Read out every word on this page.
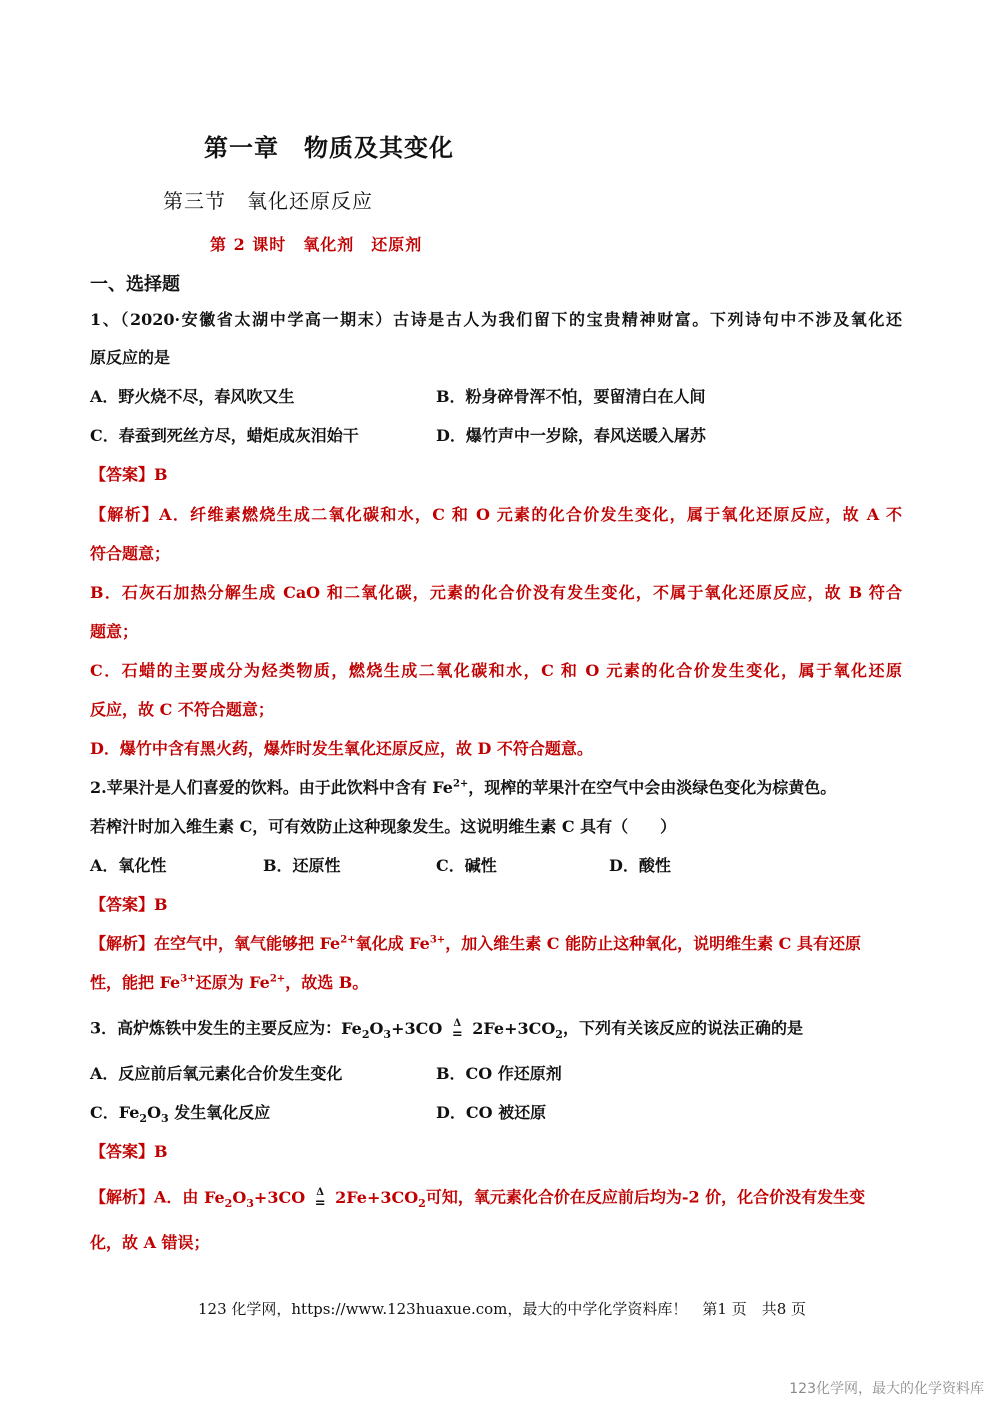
第一章　物质及其变化
第三节　氧化还原反应
第 2 课时　氧化剂　还原剂
一、选择题
1、（2020·安徽省太湖中学高一期末）古诗是古人为我们留下的宝贵精神财富。下列诗句中不涉及氧化还
原反应的是
A．野火烧不尽，春风吹又生	B．粉身碎骨浑不怕，要留清白在人间
C．春蚕到死丝方尽，蜡炬成灰泪始干	D．爆竹声中一岁除，春风送暖入屠苏
【答案】B
【解析】A．纤维素燃烧生成二氧化碳和水，C 和 O 元素的化合价发生变化，属于氧化还原反应，故 A 不
符合题意；
B．石灰石加热分解生成 CaO 和二氧化碳，元素的化合价没有发生变化，不属于氧化还原反应，故 B 符合
题意；
C．石蜡的主要成分为烃类物质，燃烧生成二氧化碳和水，C 和 O 元素的化合价发生变化，属于氧化还原
反应，故 C 不符合题意；
D．爆竹中含有黑火药，爆炸时发生氧化还原反应，故 D 不符合题意。
2.苹果汁是人们喜爱的饮料。由于此饮料中含有 $Fe^{2+}$，现榨的苹果汁在空气中会由淡绿色变化为棕黄色。
若榨汁时加入维生素 C，可有效防止这种现象发生。这说明维生素 C 具有（　　）
A．氧化性	B．还原性	C．碱性	D．酸性
【答案】B
【解析】在空气中，氧气能够把 $Fe^{2+}$氧化成 $Fe^{3+}$，加入维生素 C 能防止这种氧化，说明维生素 C 具有还原
性，能把 $Fe^{3+}$还原为 $Fe^{2+}$，故选 B。
3．高炉炼铁中发生的主要反应为：$Fe_2O_3+3CO$	Δ
= $2Fe+3CO_2$，下列有关该反应的说法正确的是
A．反应前后氧元素化合价发生变化	B．CO 作还原剂
C．$Fe_2O_3$ 发生氧化反应	D．CO 被还原
【答案】B
【解析】A．由 $Fe_2O_3+3CO$	Δ
= $2Fe+3CO_2$可知，氧元素化合价在反应前后均为-2 价，化合价没有发生变
化，故 A 错误；
123 化学网，https://www.123huaxue.com，最大的中学化学资料库！　第1 页　共8 页
123化学网，最大的化学资料库
